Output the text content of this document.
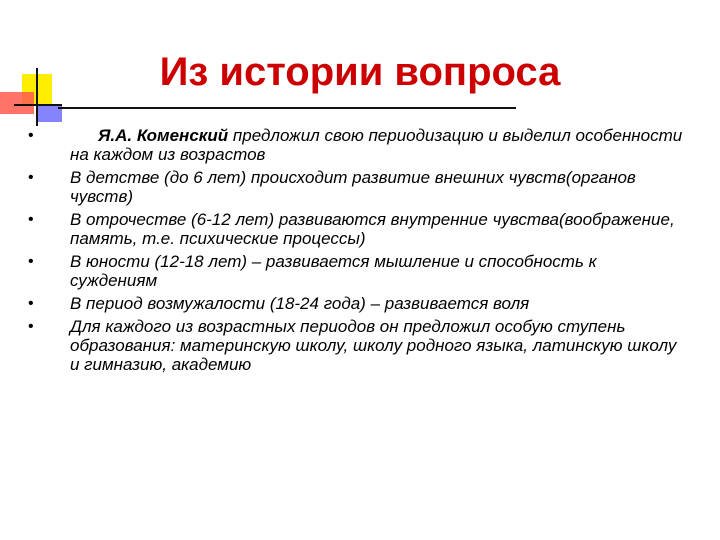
Из истории вопроса
•	Я.А. Коменский предложил свою периодизацию и выделил особенности на каждом из возрастов
• В детстве (до 6 лет) происходит развитие внешних чувств(органов чувств)
• В отрочестве (6-12 лет) развиваются внутренние чувства(воображение, память, т.е. психические процессы)
• В юности (12-18 лет) – развивается мышление и способность к суждениям
• В период возмужалости (18-24 года) – развивается воля
• Для каждого из возрастных периодов он предложил особую ступень образования: материнскую школу, школу родного языка, латинскую школу и гимназию, академию
